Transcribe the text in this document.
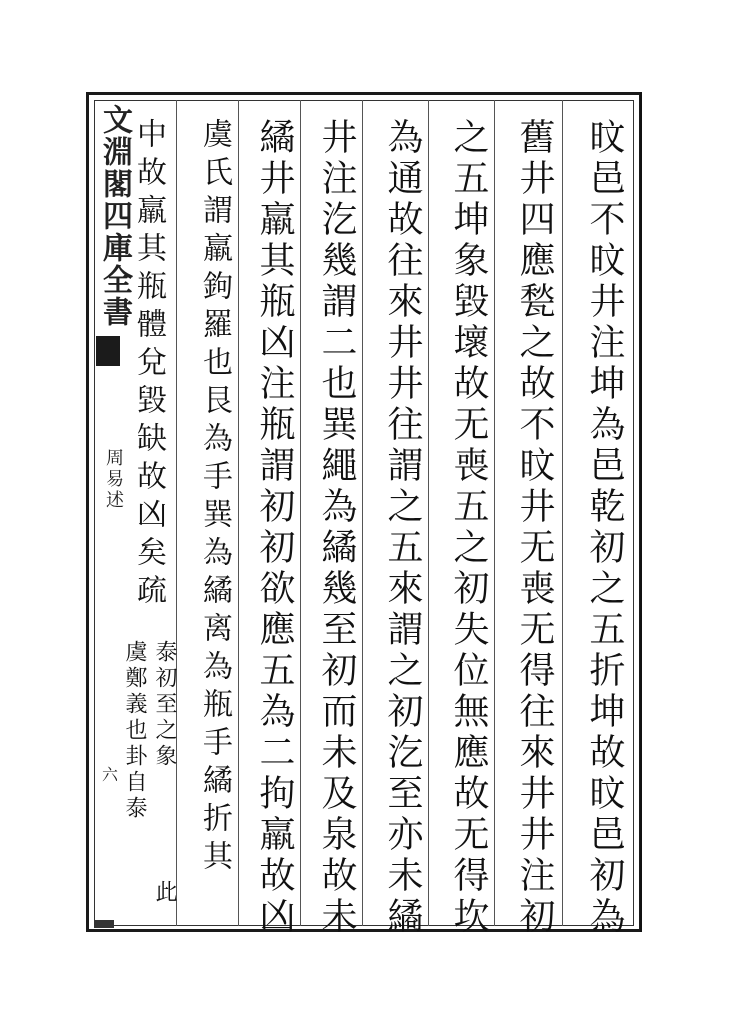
文淵閣四庫全書
周易述
六	旼邑不旼井注坤為邑乾初之五折坤故旼邑初為
舊井四應甃之故不旼井无喪无得往來井井注初
之五坤象毀壞故无喪五之初失位無應故无得坎
為通故往來井井往謂之五來謂之初汔至亦未繘
井注汔幾謂二也巽繩為繘幾至初而未及泉故未
繘井羸其瓶凶注瓶謂初初欲應五為二拘羸故凶
虞氏謂羸鉤羅也艮為手巽為繘离為瓶手繘折其
中故羸其瓶體兌毀缺故凶矣疏
泰初至之象
虞鄭義也卦自泰
此
